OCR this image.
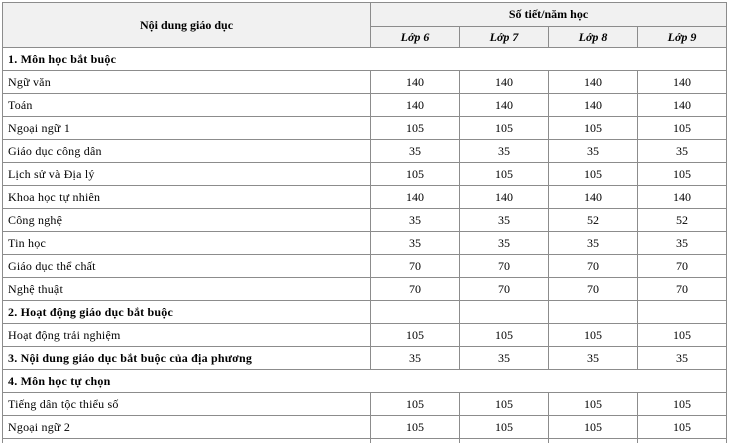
Nội dung giáo dục	Số tiết/năm học			
	Lớp 6	Lớp 7	Lớp 8	Lớp 9
1. Môn học bắt buộc				
Ngữ văn	140	140	140	140
Toán	140	140	140	140
Ngoại ngữ 1	105	105	105	105
Giáo dục công dân	35	35	35	35
Lịch sử và Địa lý	105	105	105	105
Khoa học tự nhiên	140	140	140	140
Công nghệ	35	35	52	52
Tin học	35	35	35	35
Giáo dục thể chất	70	70	70	70
Nghệ thuật	70	70	70	70
2. Hoạt động giáo dục bắt buộc				
Hoạt động trải nghiệm	105	105	105	105
3. Nội dung giáo dục bắt buộc của địa phương	35	35	35	35
4. Môn học tự chọn				
Tiếng dân tộc thiểu số	105	105	105	105
Ngoại ngữ 2	105	105	105	105
